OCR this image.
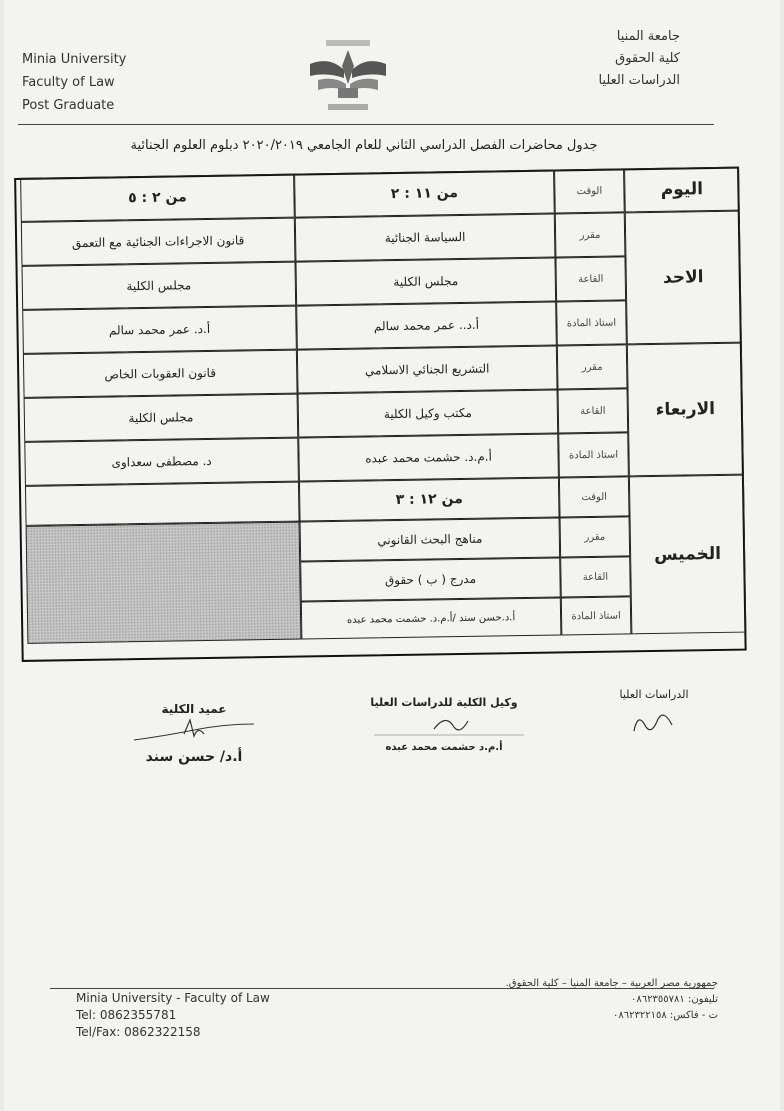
Minia University
Faculty of Law
Post Graduate
جامعة المنيا
كلية الحقوق
الدراسات العليا
جدول محاضرات الفصل الدراسي الثاني للعام الجامعي ٢٠٢٠/٢٠١٩ دبلوم العلوم الجنائية
اليوم
الوقت
من ١١ : ٢
من ٢ : ٥
الاحد
مقرر
القاعة
استاذ المادة
السياسة الجنائية
مجلس الكلية
أ.د.. عمر محمد سالم
قانون الاجراءات الجنائية مع التعمق
مجلس الكلية
أ.د. عمر محمد سالم
الاربعاء
مقرر
القاعة
استاذ المادة
التشريع الجنائي الاسلامي
مكتب وكيل الكلية
أ.م.د. حشمت محمد عبده
قانون العقوبات الخاص
مجلس الكلية
د. مصطفى سعداوى
الخميس
الوقت
مقرر
القاعة
استاذ المادة
من ١٢ : ٣
مناهج البحث القانوني
مدرج ( ب ) حقوق
أ.د.حسن سند /أ.م.د. حشمت محمد عبده
عميد الكلية
أ.د/ حسن سند
وكيل الكلية للدراسات العليا
أ.م.د حشمت محمد عبده
الدراسات العليا
Minia University - Faculty of Law
Tel: 0862355781
Tel/Fax: 0862322158
جمهورية مصر العربية – جامعة المنيا – كلية الحقوق.
تليفون: ٠٨٦٢٣٥٥٧٨١
ت - فاكس: ٠٨٦٢٣٢٢١٥٨
